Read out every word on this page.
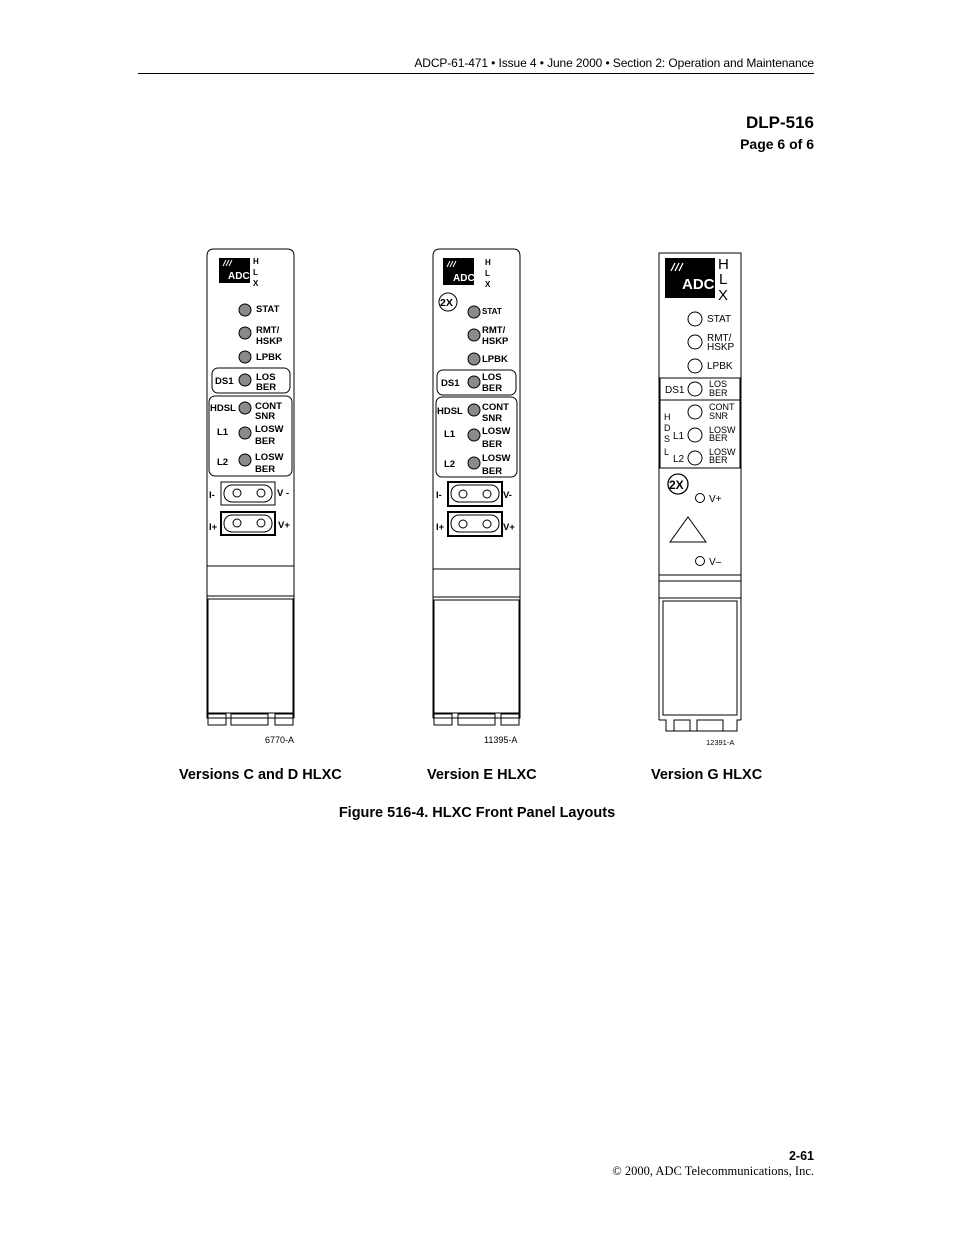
ADCP-61-471 • Issue 4 • June 2000 • Section 2: Operation and Maintenance
DLP-516
Page 6 of 6
ADC
H
L
X
STAT
RMT/
HSKP
LPBK
LOS
BER
CONT
SNR
LOSW
BER
LOSW
BER
DS1
HDSL
L1
L2
I-	V -
I+	V+
6770-A
ADC
H
L
X
2X
STAT
RMT/
HSKP
LPBK
LOS
BER
CONT
SNR
LOSW
BER
LOSW
BER
DS1
HDSL
L1
L2
I-	V-
I+	V+
11395-A
ADC
H
L
X
STAT
RMT/
HSKP
LPBK
LOS
BER
CONT
SNR
LOSW
BER
LOSW
BER
DS1
H
D
S
L
L1
L2
V+
V–
2X
12391-A
Versions C and D HLXC	Version E HLXC	Version G HLXC
Figure 516-4. HLXC Front Panel Layouts
2-61
© 2000, ADC Telecommunications, Inc.
